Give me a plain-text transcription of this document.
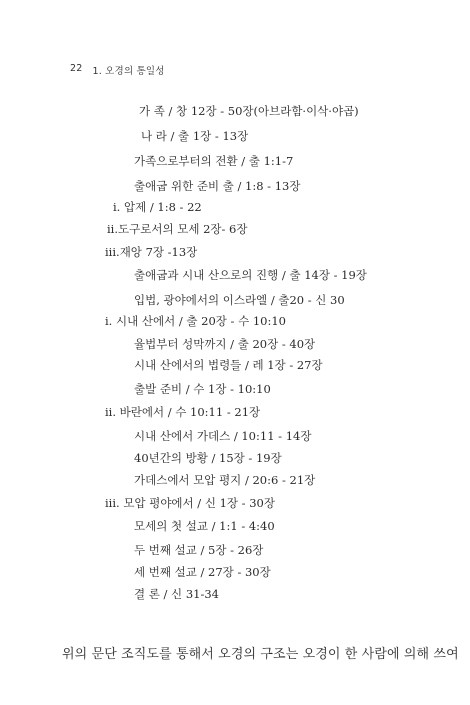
22 1. 오경의 통일성
가 족 / 창 12장 - 50장(아브라함·이삭·야곱)
나 라 / 출 1장 - 13장
가족으로부터의 전환 / 출 1:1-7
출애굽 위한 준비 출 / 1:8 - 13장
i. 압제 / 1:8 - 22
ii.도구로서의 모세 2장- 6장
iii.재앙 7장 -13장
출애굽과 시내 산으로의 진행 / 출 14장 - 19장
입법, 광야에서의 이스라엘 / 출20 - 신 30
i. 시내 산에서 / 출 20장 - 수 10:10
율법부터 성막까지 / 출 20장 - 40장
시내 산에서의 법령들 / 레 1장 - 27장
출발 준비 / 수 1장 - 10:10
ii. 바란에서 / 수 10:11 - 21장
시내 산에서 가데스 / 10:11 - 14장
40년간의 방황 / 15장 - 19장
가데스에서 모압 평지 / 20:6 - 21장
iii. 모압 평야에서 / 신 1장 - 30장
모세의 첫 설교 / 1:1 - 4:40
두 번째 설교 / 5장 - 26장
세 번째 설교 / 27장 - 30장
결 론 / 신 31-34
위의 문단 조직도를 통해서 오경의 구조는 오경이 한 사람에 의해 쓰여
